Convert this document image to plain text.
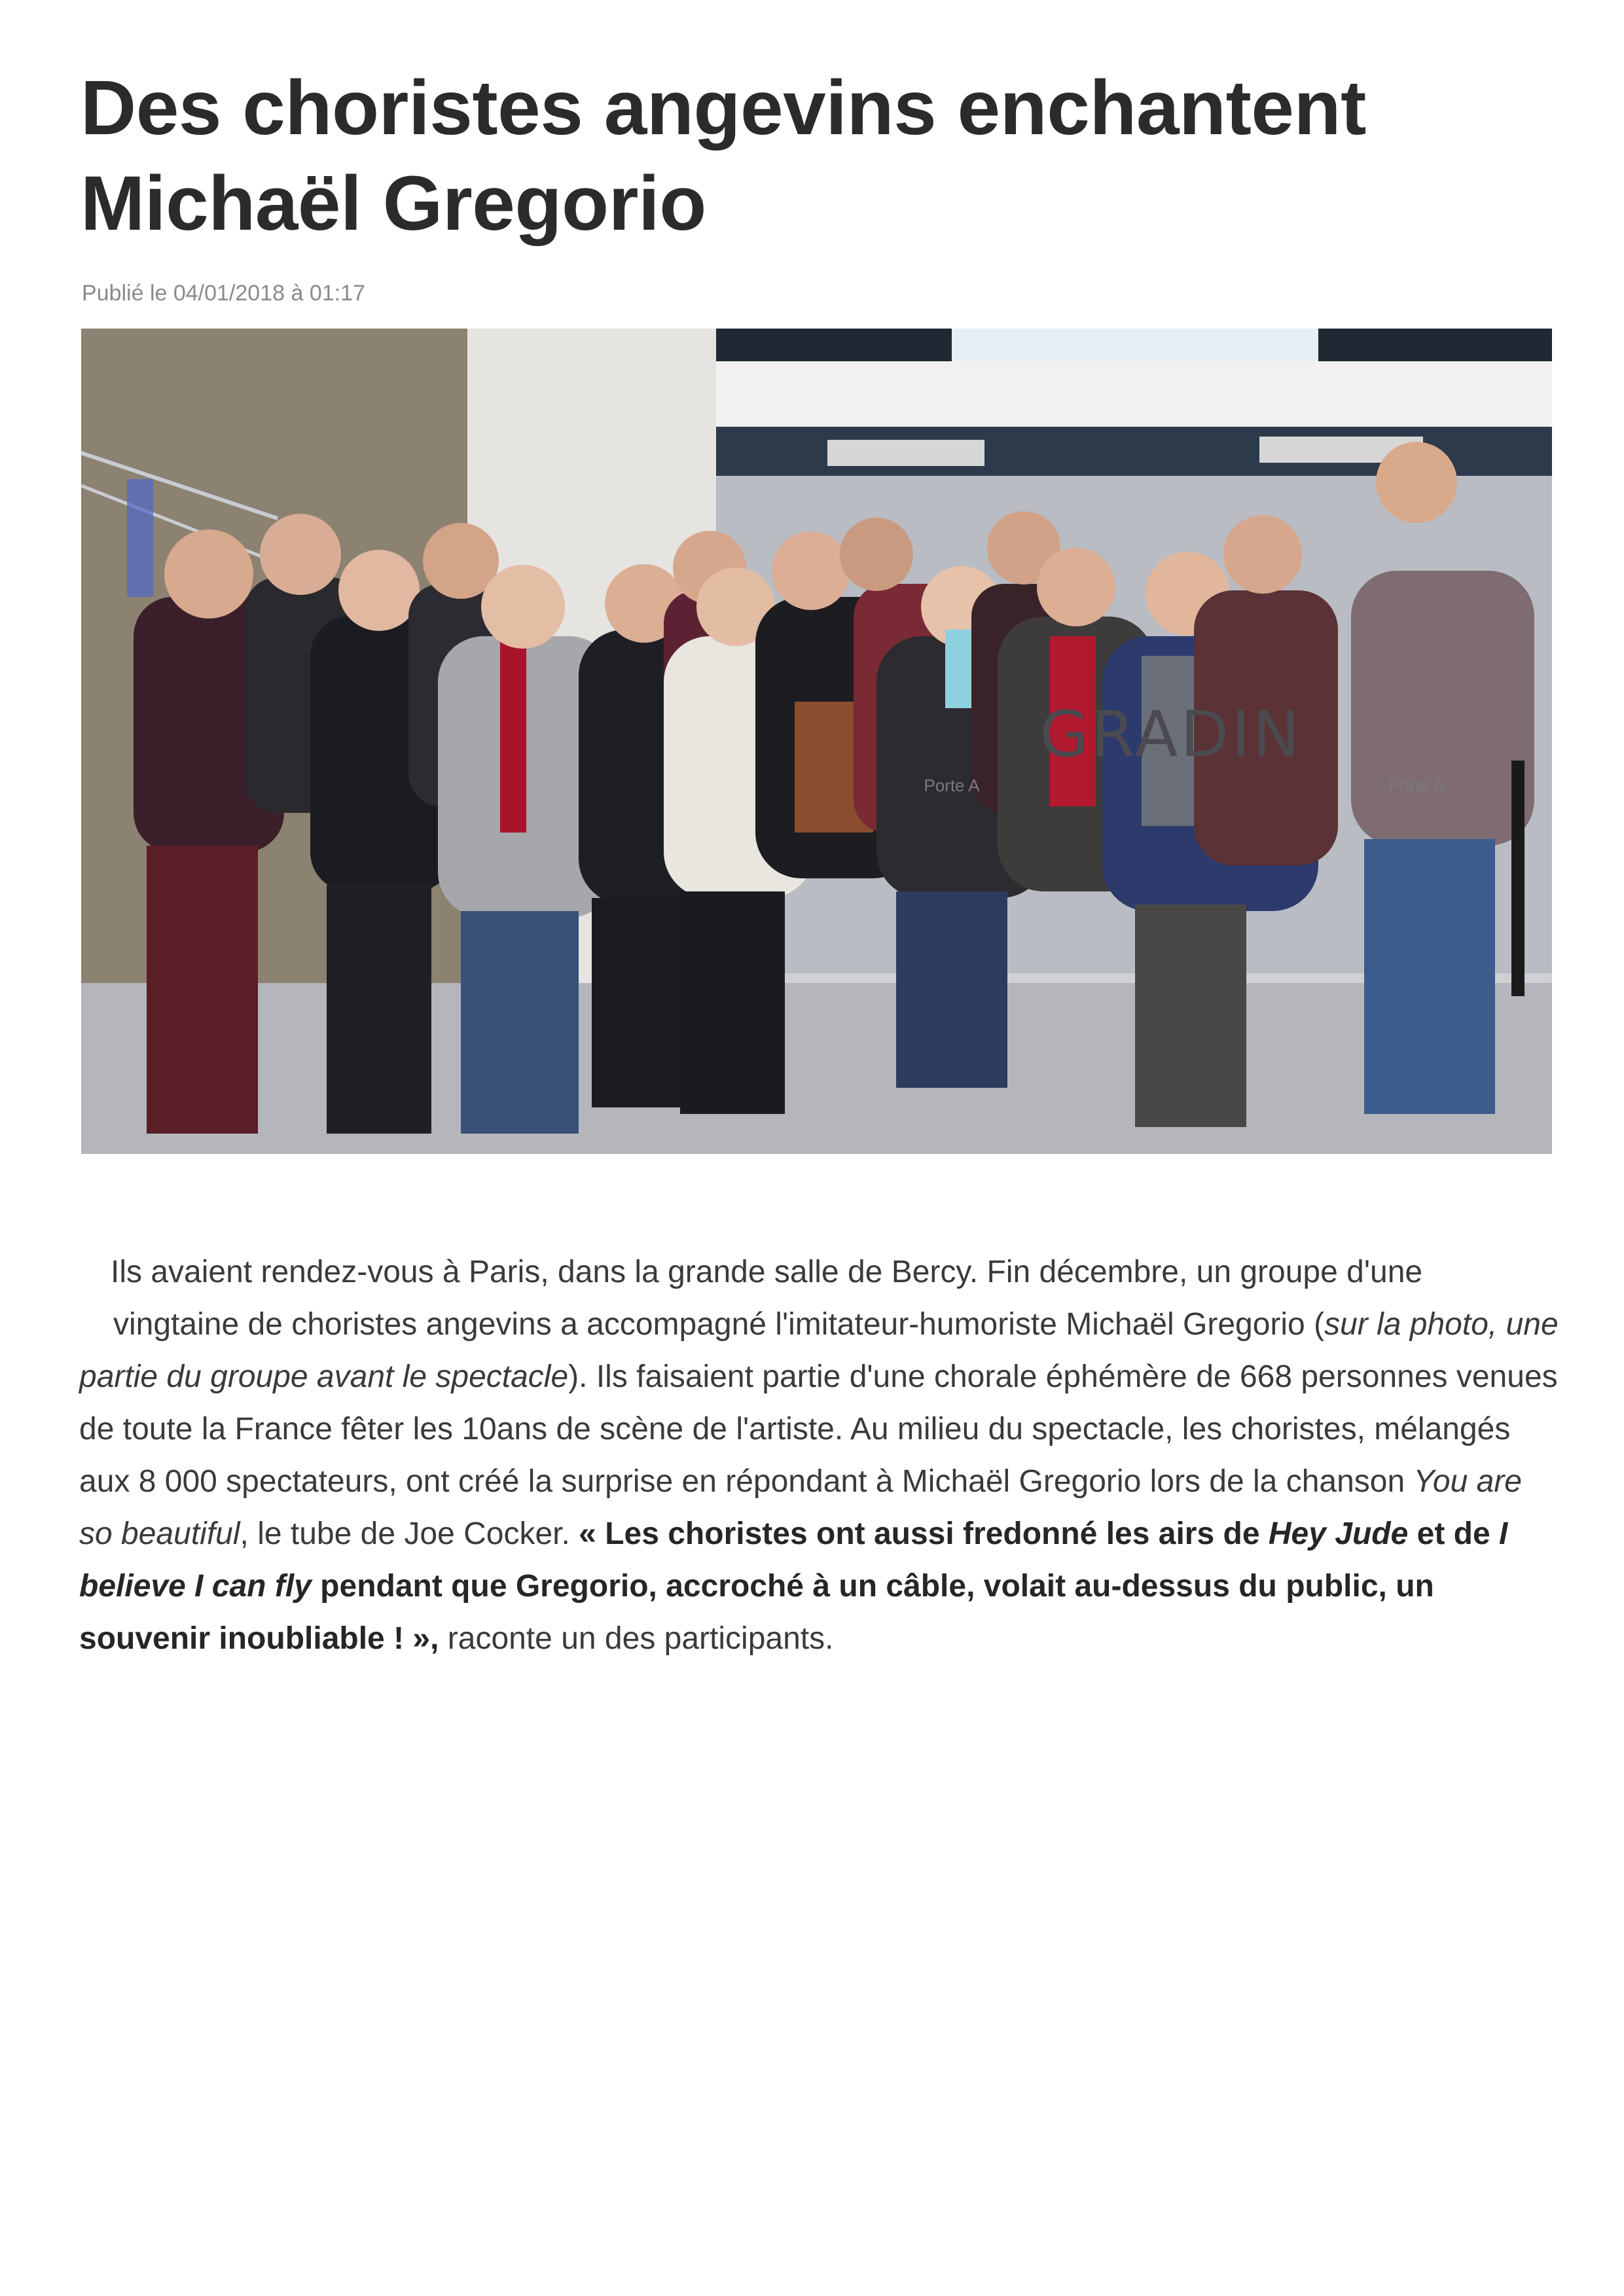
Des choristes angevins enchantent Michaël Gregorio

Publié le 04/01/2018 à 01:17

GRADIN
Porte A	Porte A

Ils avaient rendez-vous à Paris, dans la grande salle de Bercy. Fin décembre, un groupe d'une

vingtaine de choristes angevins a accompagné l'imitateur-humoriste Michaël Gregorio (sur la photo, une partie du groupe avant le spectacle). Ils faisaient partie d'une chorale éphémère de 668 personnes venues de toute la France fêter les 10ans de scène de l'artiste. Au milieu du spectacle, les choristes, mélangés aux 8 000 spectateurs, ont créé la surprise en répondant à Michaël Gregorio lors de la chanson You are so beautiful, le tube de Joe Cocker. « Les choristes ont aussi fredonné les airs de Hey Jude et de I believe I can fly pendant que Gregorio, accroché à un câble, volait au-dessus du public, un souvenir inoubliable ! », raconte un des participants.
